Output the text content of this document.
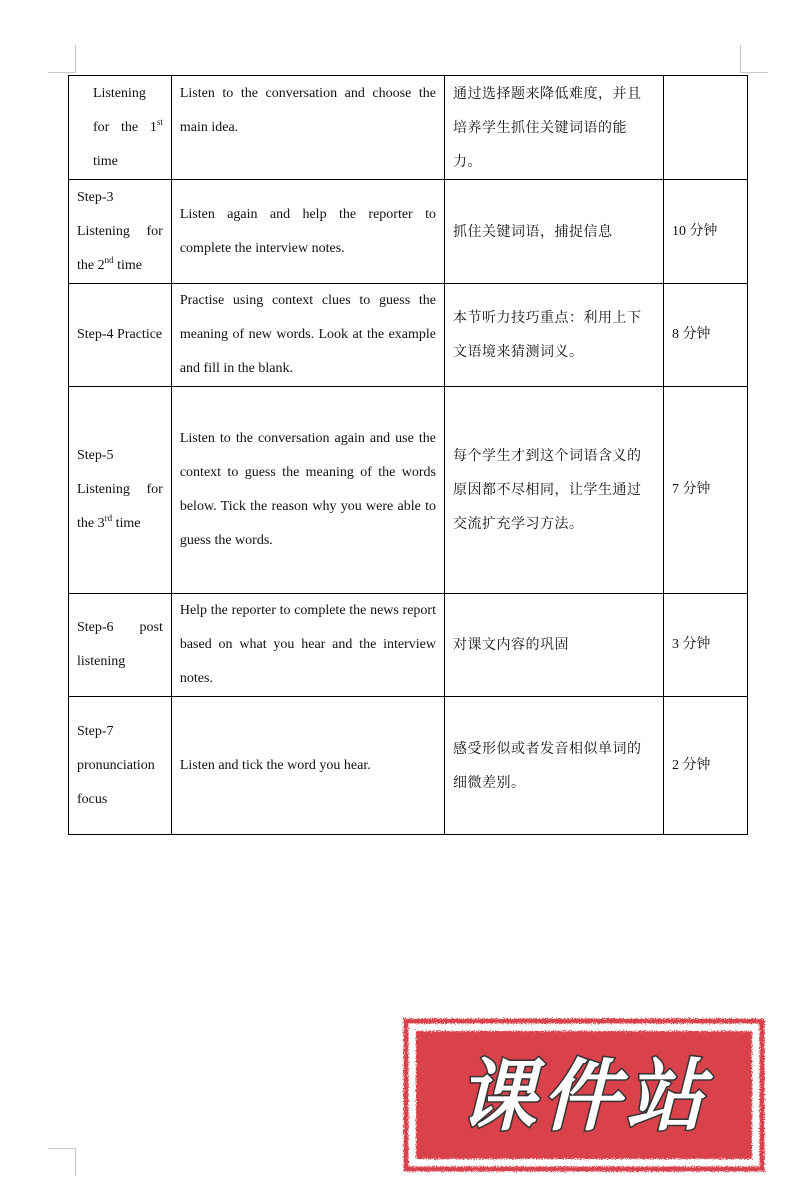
Listening for the 1st time	Listen to the conversation and choose the main idea.	通过选择题来降低难度，并且培养学生抓住关键词语的能力。	

Step-3 Listening for the 2nd time	Listen again and help the reporter to complete the interview notes.	抓住关键词语，捕捉信息	10 分钟

Step-4 Practice	Practise using context clues to guess the meaning of new words. Look at the example and fill in the blank.	本节听力技巧重点：利用上下文语境来猜测词义。	8 分钟

Step-5 Listening for the 3rd time	Listen to the conversation again and use the context to guess the meaning of the words below. Tick the reason why you were able to guess the words.	每个学生才到这个词语含义的原因都不尽相同，让学生通过交流扩充学习方法。	7 分钟

Step-6 post listening	Help the reporter to complete the news report based on what you hear and the interview notes.	对课文内容的巩固	3 分钟

Step-7 pronunciation focus	Listen and tick the word you hear.	感受形似或者发音相似单词的细微差别。	2 分钟
课件站
